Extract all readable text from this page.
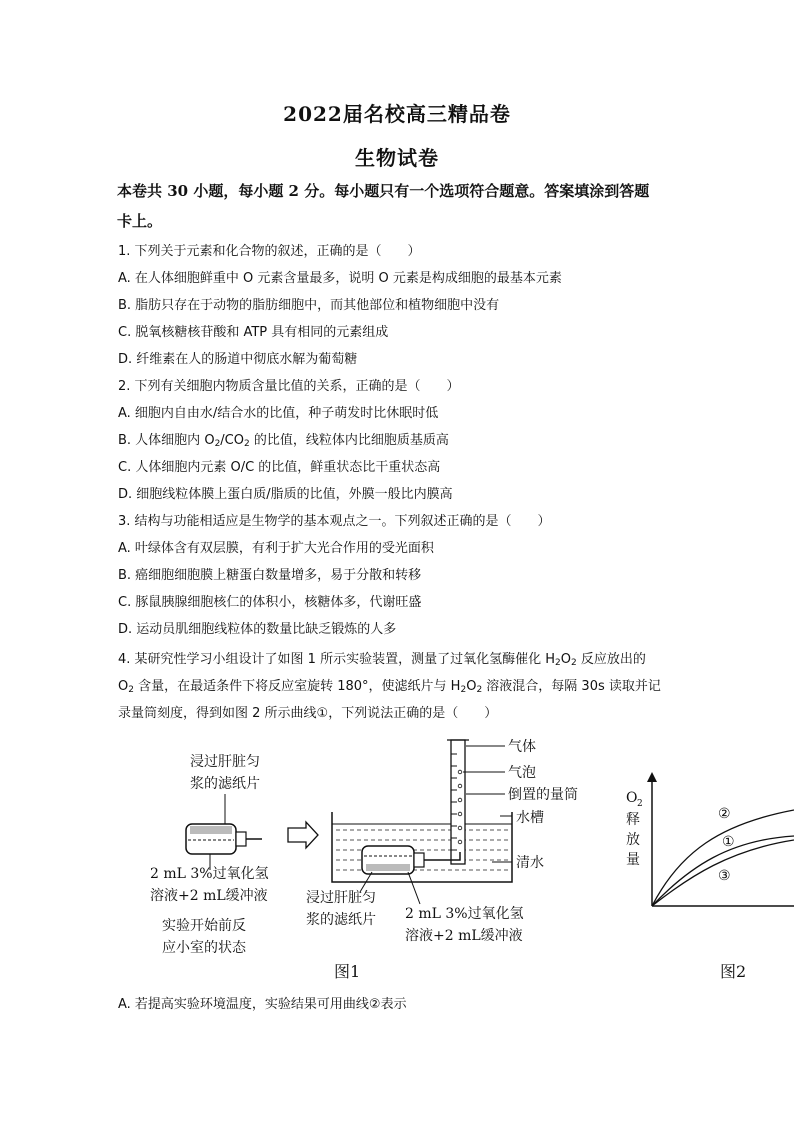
2022届名校高三精品卷
生物试卷
本卷共 30 小题，每小题 2 分。每小题只有一个选项符合题意。答案填涂到答题
卡上。
1. 下列关于元素和化合物的叙述，正确的是（　　）
A. 在人体细胞鲜重中 O 元素含量最多，说明 O 元素是构成细胞的最基本元素
B. 脂肪只存在于动物的脂肪细胞中，而其他部位和植物细胞中没有
C. 脱氧核糖核苷酸和 ATP 具有相同的元素组成
D. 纤维素在人的肠道中彻底水解为葡萄糖
2. 下列有关细胞内物质含量比值的关系，正确的是（　　）
A. 细胞内自由水/结合水的比值，种子萌发时比休眠时低
B. 人体细胞内 $O_2/CO_2$ 的比值，线粒体内比细胞质基质高
C. 人体细胞内元素 O/C 的比值，鲜重状态比干重状态高
D. 细胞线粒体膜上蛋白质/脂质的比值，外膜一般比内膜高
3. 结构与功能相适应是生物学的基本观点之一。下列叙述正确的是（　　）
A. 叶绿体含有双层膜，有利于扩大光合作用的受光面积
B. 癌细胞细胞膜上糖蛋白数量增多，易于分散和转移
C. 豚鼠胰腺细胞核仁的体积小，核糖体多，代谢旺盛
D. 运动员肌细胞线粒体的数量比缺乏锻炼的人多
4. 某研究性学习小组设计了如图 1 所示实验装置，测量了过氧化氢酶催化 $H_2O_2$ 反应放出的
$O_2$ 含量，在最适条件下将反应室旋转 180°，使滤纸片与 $H_2O_2$ 溶液混合，每隔 30s 读取并记
录量筒刻度，得到如图 2 所示曲线①，下列说法正确的是（　　）
浸过肝脏匀
浆的滤纸片
2 mL 3%过氧化氢
溶液+2 mL缓冲液
实验开始前反
应小室的状态
气体
气泡
倒置的量筒
水槽
清水
浸过肝脏匀
浆的滤纸片 2 mL 3%过氧化氢
溶液+2 mL缓冲液
图1
O 2
释
放
量
②
①
③
图2
A. 若提高实验环境温度，实验结果可用曲线②表示
